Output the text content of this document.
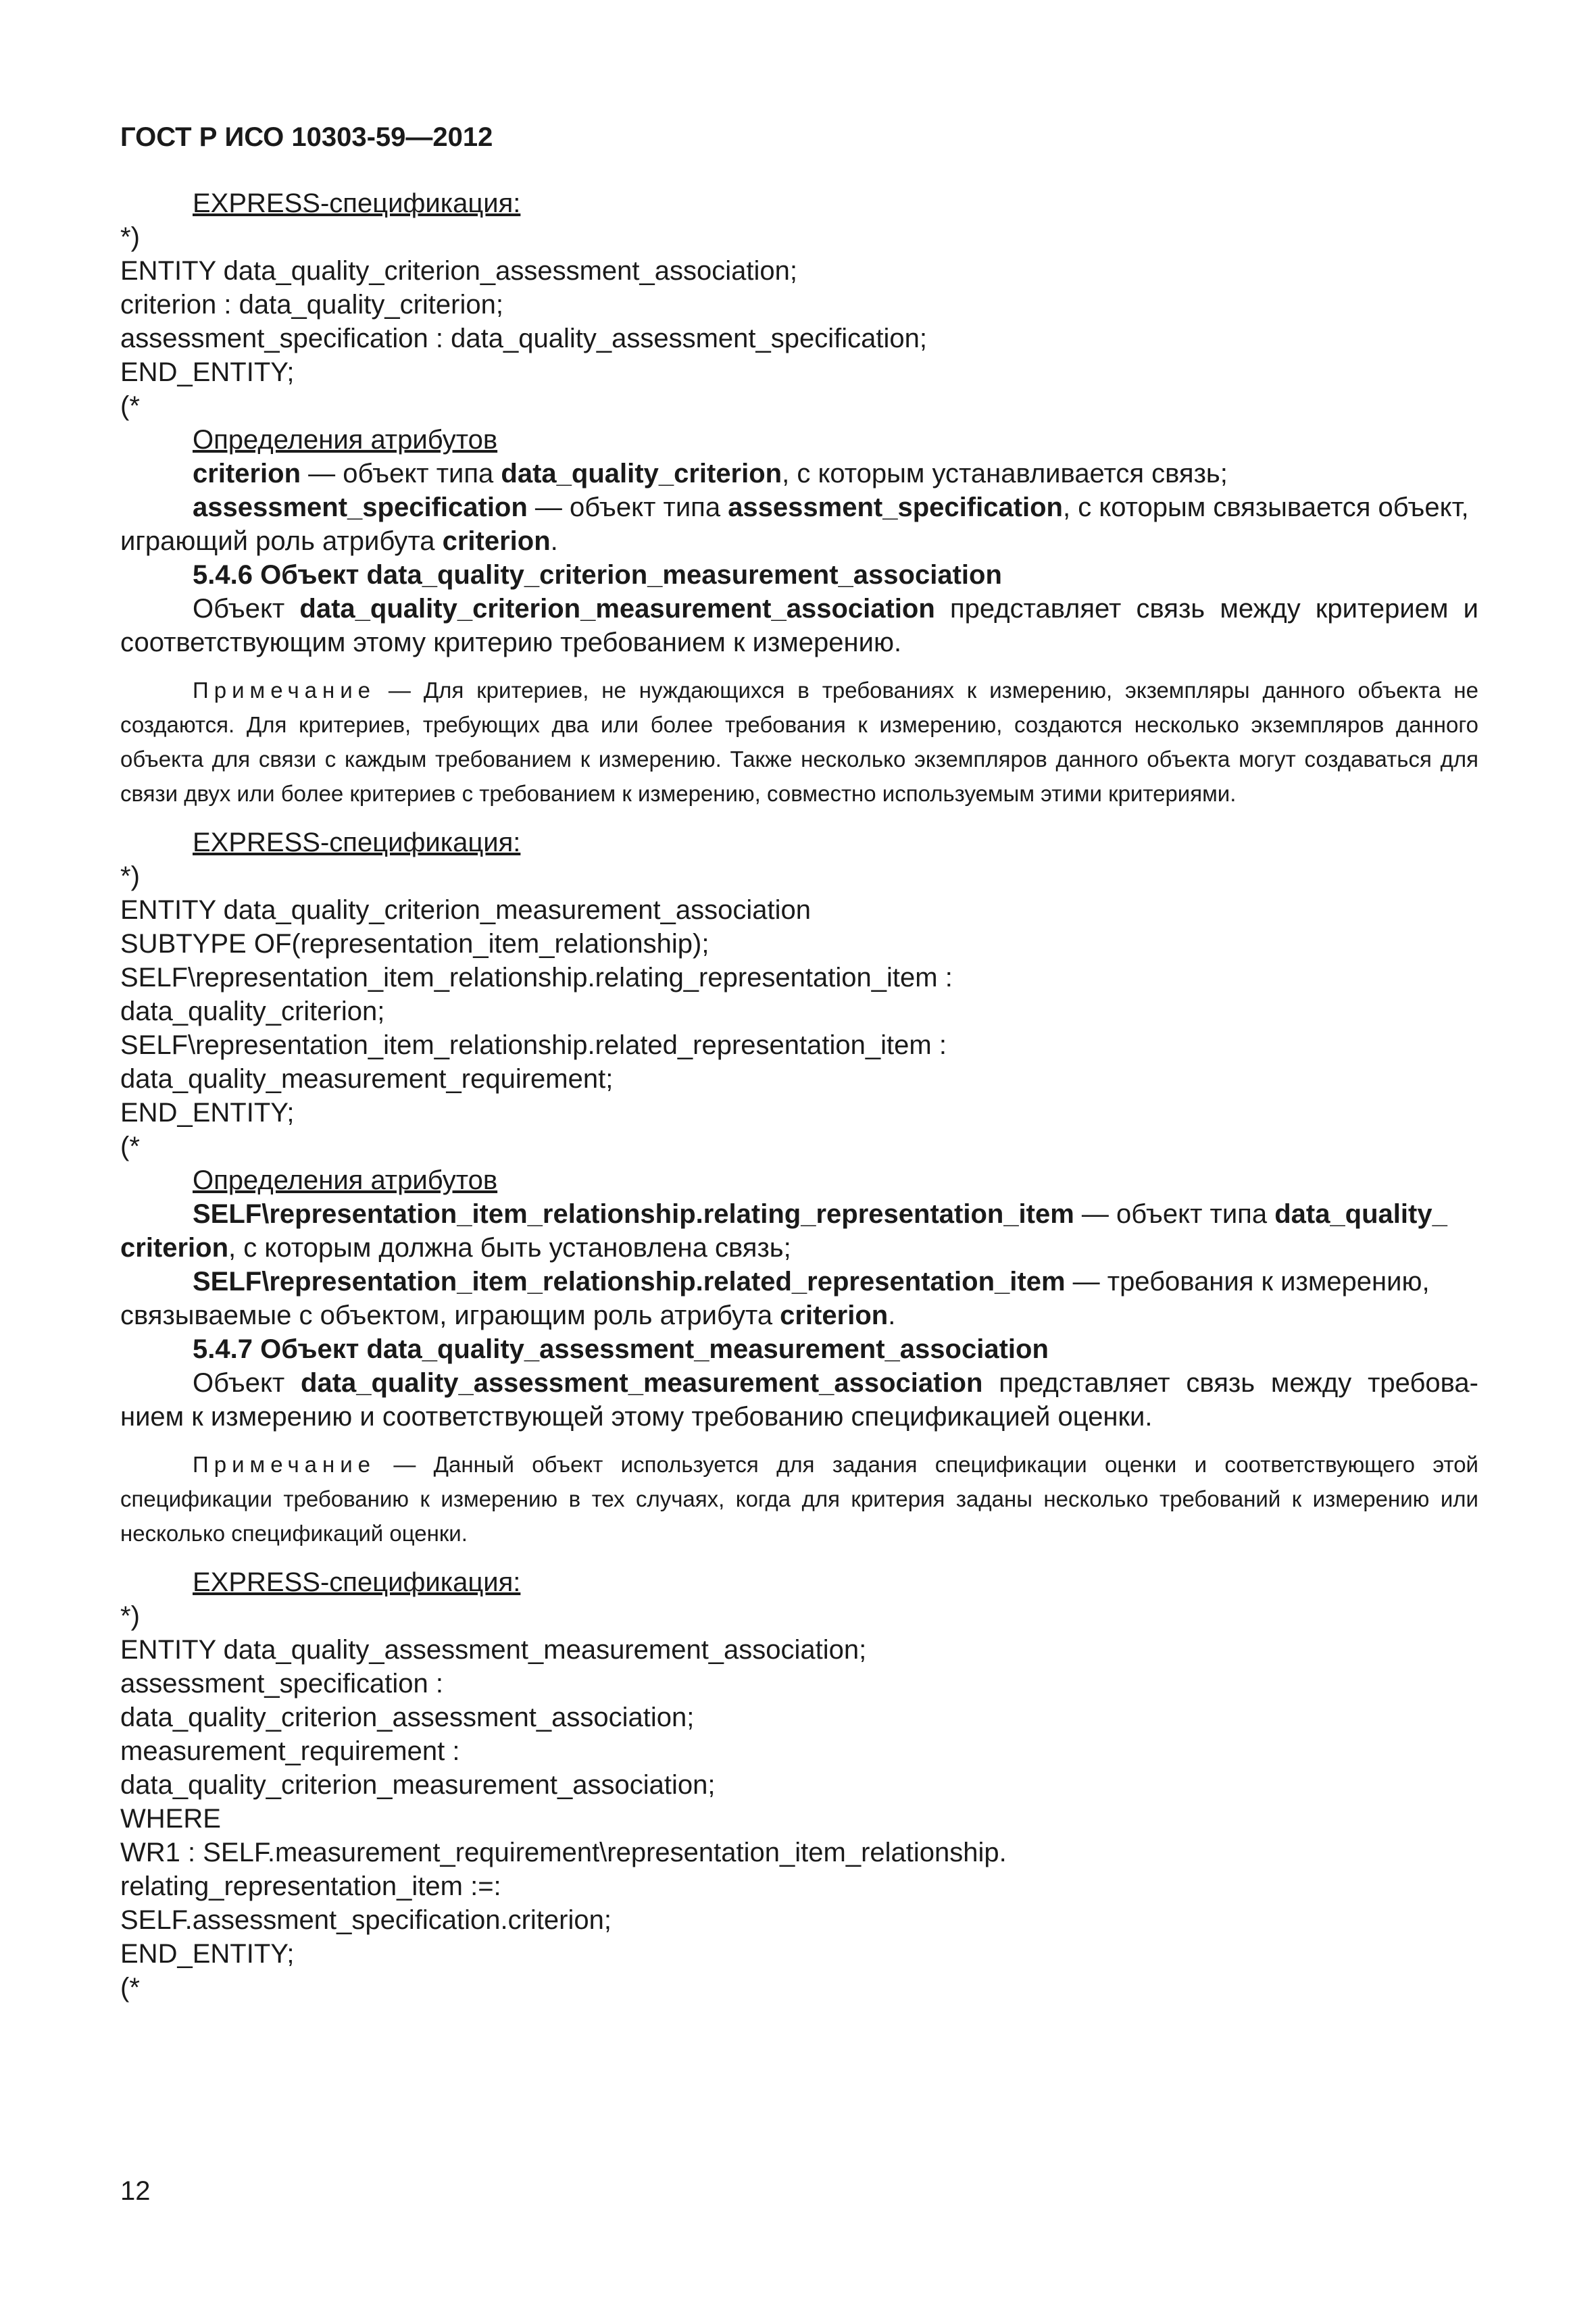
ГОСТ Р ИСО 10303-59—2012
EXPRESS-спецификация:
*)
ENTITY data_quality_criterion_assessment_association;
criterion : data_quality_criterion;
assessment_specification : data_quality_assessment_specification;
END_ENTITY;
(*
Определения атрибутов
criterion — объект типа data_quality_criterion, с которым устанавливается связь;
assessment_specification — объект типа assessment_specification, с которым связывается объект,
играющий роль атрибута criterion.
5.4.6 Объект data_quality_criterion_measurement_association
Объект data_quality_criterion_measurement_association представляет связь между критерием и соответствующим этому критерию требованием к измерению.
Примечание — Для критериев, не нуждающихся в требованиях к измерению, экземпляры данного объекта не создаются. Для критериев, требующих два или более требования к измерению, создаются несколько экземпляров данного объекта для связи с каждым требованием к измерению. Также несколько экземпляров данного объекта могут создаваться для связи двух или более критериев с требованием к измерению, совместно используемым этими критериями.
EXPRESS-спецификация:
*)
ENTITY data_quality_criterion_measurement_association
SUBTYPE OF(representation_item_relationship);
SELF\representation_item_relationship.relating_representation_item :
data_quality_criterion;
SELF\representation_item_relationship.related_representation_item :
data_quality_measurement_requirement;
END_ENTITY;
(*
Определения атрибутов
SELF\representation_item_relationship.relating_representation_item — объект типа data_quality_
criterion, с которым должна быть установлена связь;
SELF\representation_item_relationship.related_representation_item — требования к измерению,
связываемые с объектом, играющим роль атрибута criterion.
5.4.7 Объект data_quality_assessment_measurement_association
Объект data_quality_assessment_measurement_association представляет связь между требова-нием к измерению и соответствующей этому требованию спецификацией оценки.
Примечание — Данный объект используется для задания спецификации оценки и соответствующего этой спецификации требованию к измерению в тех случаях, когда для критерия заданы несколько требований к измерению или несколько спецификаций оценки.
EXPRESS-спецификация:
*)
ENTITY data_quality_assessment_measurement_association;
assessment_specification :
data_quality_criterion_assessment_association;
measurement_requirement :
data_quality_criterion_measurement_association;
WHERE
WR1 : SELF.measurement_requirement\representation_item_relationship.
relating_representation_item :=:
SELF.assessment_specification.criterion;
END_ENTITY;
(*
12
